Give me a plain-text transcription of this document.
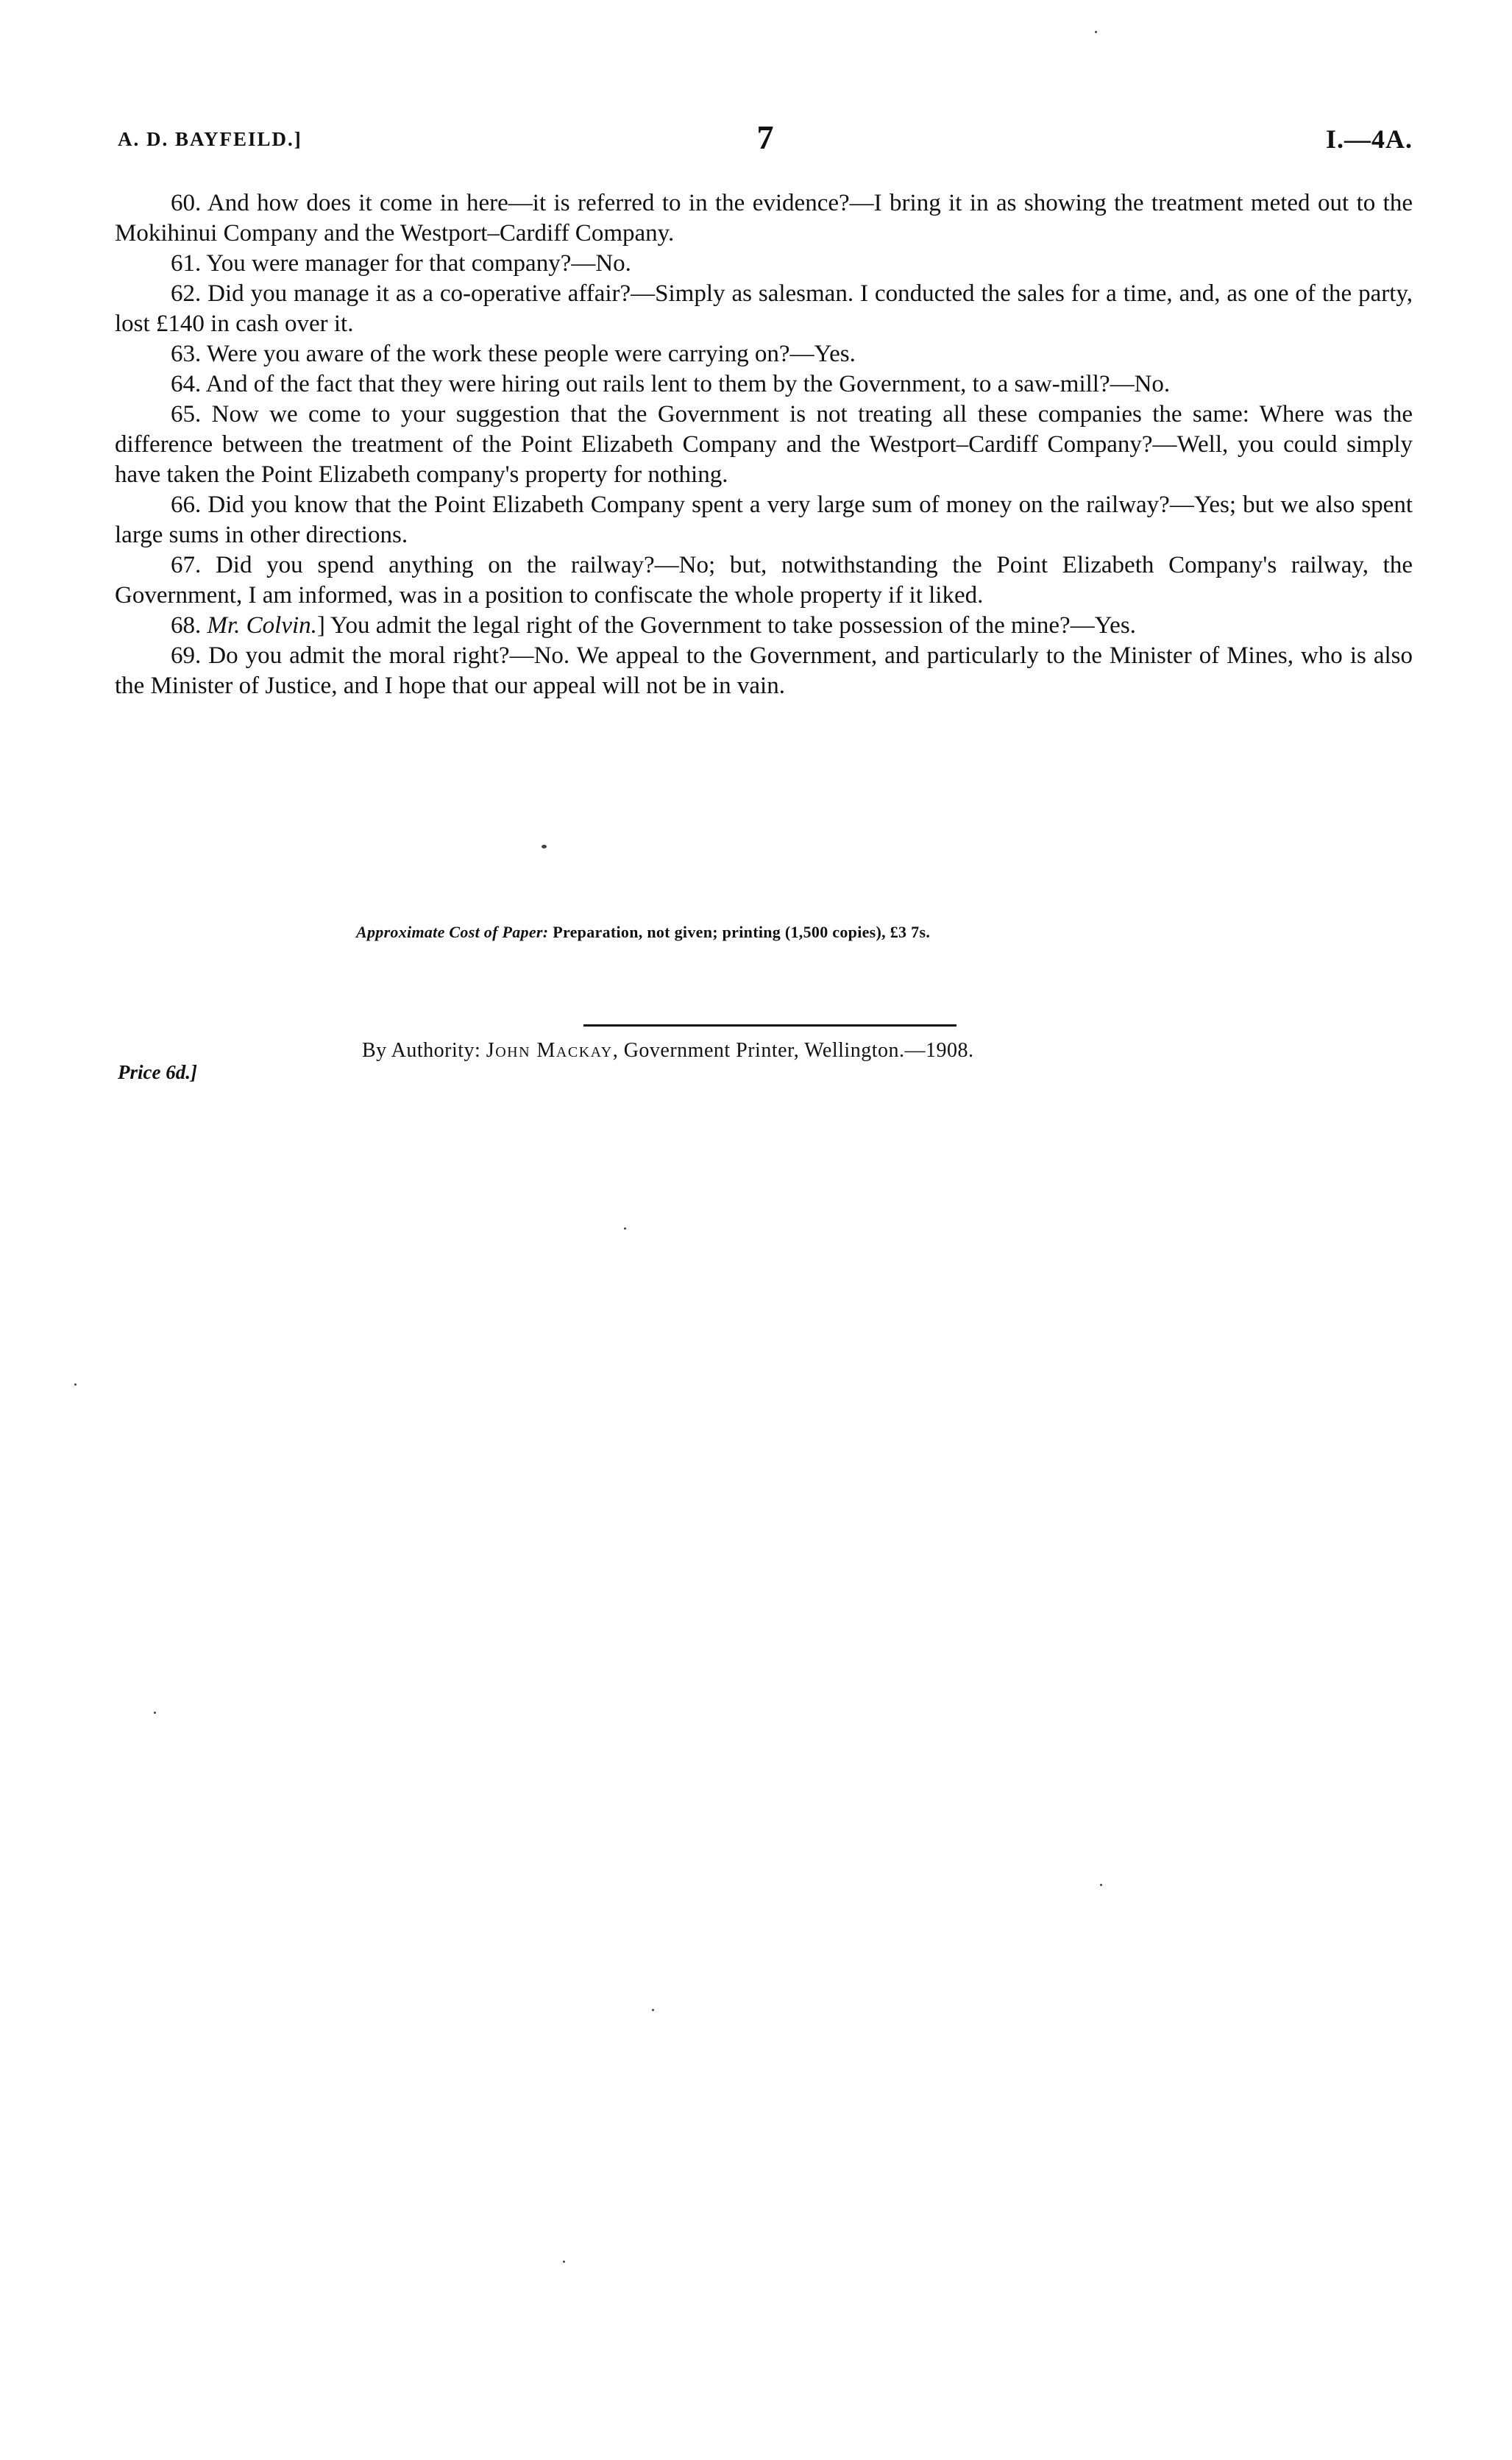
A. D. BAYFEILD.]	7	I.—4A.

60. And how does it come in here—it is referred to in the evidence?—I bring it in as showing the treatment meted out to the Mokihinui Company and the Westport–Cardiff Company.

61. You were manager for that company?—No.

62. Did you manage it as a co-operative affair?—Simply as salesman. I conducted the sales for a time, and, as one of the party, lost £140 in cash over it.

63. Were you aware of the work these people were carrying on?—Yes.

64. And of the fact that they were hiring out rails lent to them by the Government, to a saw-mill?—No.

65. Now we come to your suggestion that the Government is not treating all these companies the same: Where was the difference between the treatment of the Point Elizabeth Company and the Westport–Cardiff Company?—Well, you could simply have taken the Point Elizabeth company's property for nothing.

66. Did you know that the Point Elizabeth Company spent a very large sum of money on the railway?—Yes; but we also spent large sums in other directions.

67. Did you spend anything on the railway?—No; but, notwithstanding the Point Elizabeth Company's railway, the Government, I am informed, was in a position to confiscate the whole property if it liked.

68. Mr. Colvin.] You admit the legal right of the Government to take possession of the mine?—Yes.

69. Do you admit the moral right?—No. We appeal to the Government, and particularly to the Minister of Mines, who is also the Minister of Justice, and I hope that our appeal will not be in vain.

Approximate Cost of Paper: Preparation, not given; printing (1,500 copies), £3 7s.
By Authority: John Mackay, Government Printer, Wellington.—1908.
Price 6d.]
